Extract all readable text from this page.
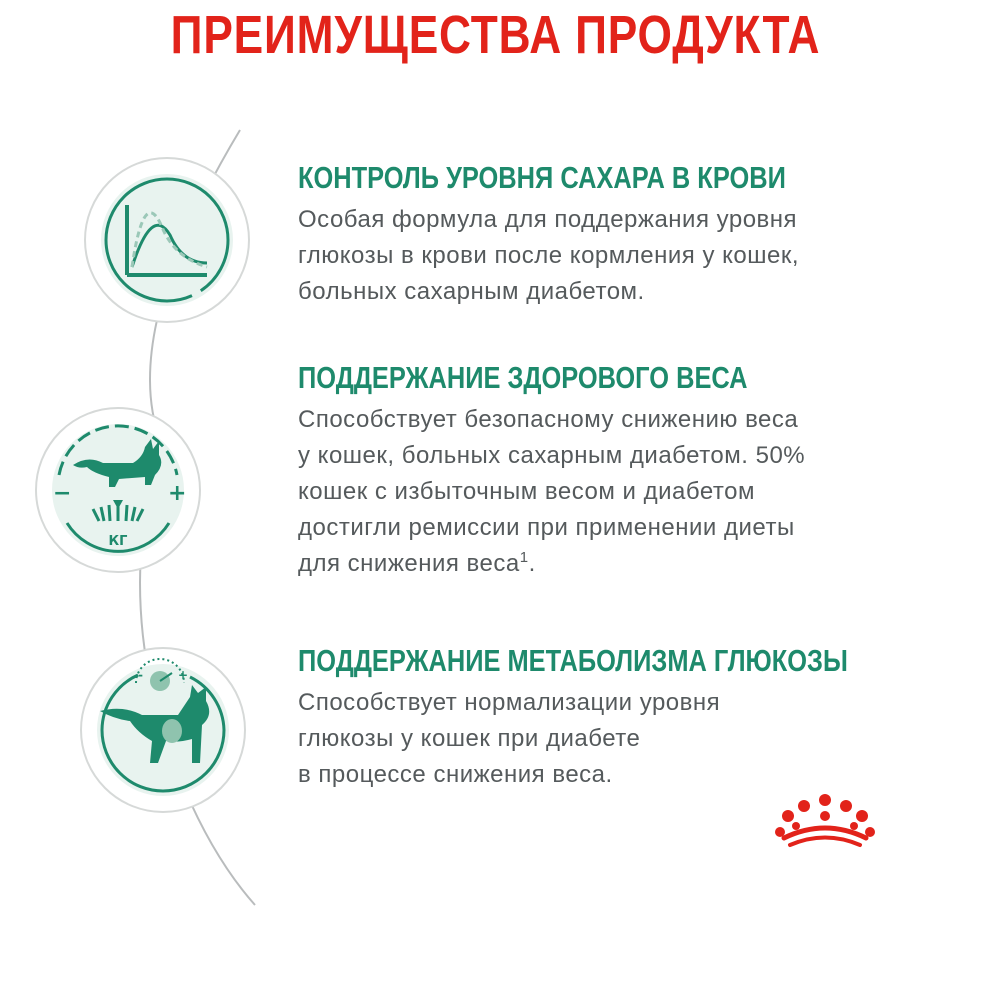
ПРЕИМУЩЕСТВА ПРОДУКТА
−	+
КГ
-	+
КОНТРОЛЬ УРОВНЯ САХАРА В КРОВИ

Особая формула для поддержания уровня
глюкозы в крови после кормления у кошек,
больных сахарным диабетом.

ПОДДЕРЖАНИЕ ЗДОРОВОГО ВЕСА

Способствует безопасному снижению веса
у кошек, больных сахарным диабетом. 50%
кошек с избыточным весом и диабетом
достигли ремиссии при применении диеты
для снижения веса$^1$.

ПОДДЕРЖАНИЕ МЕТАБОЛИЗМА ГЛЮКОЗЫ

Способствует нормализации уровня
глюкозы у кошек при диабете
в процессе снижения веса.
